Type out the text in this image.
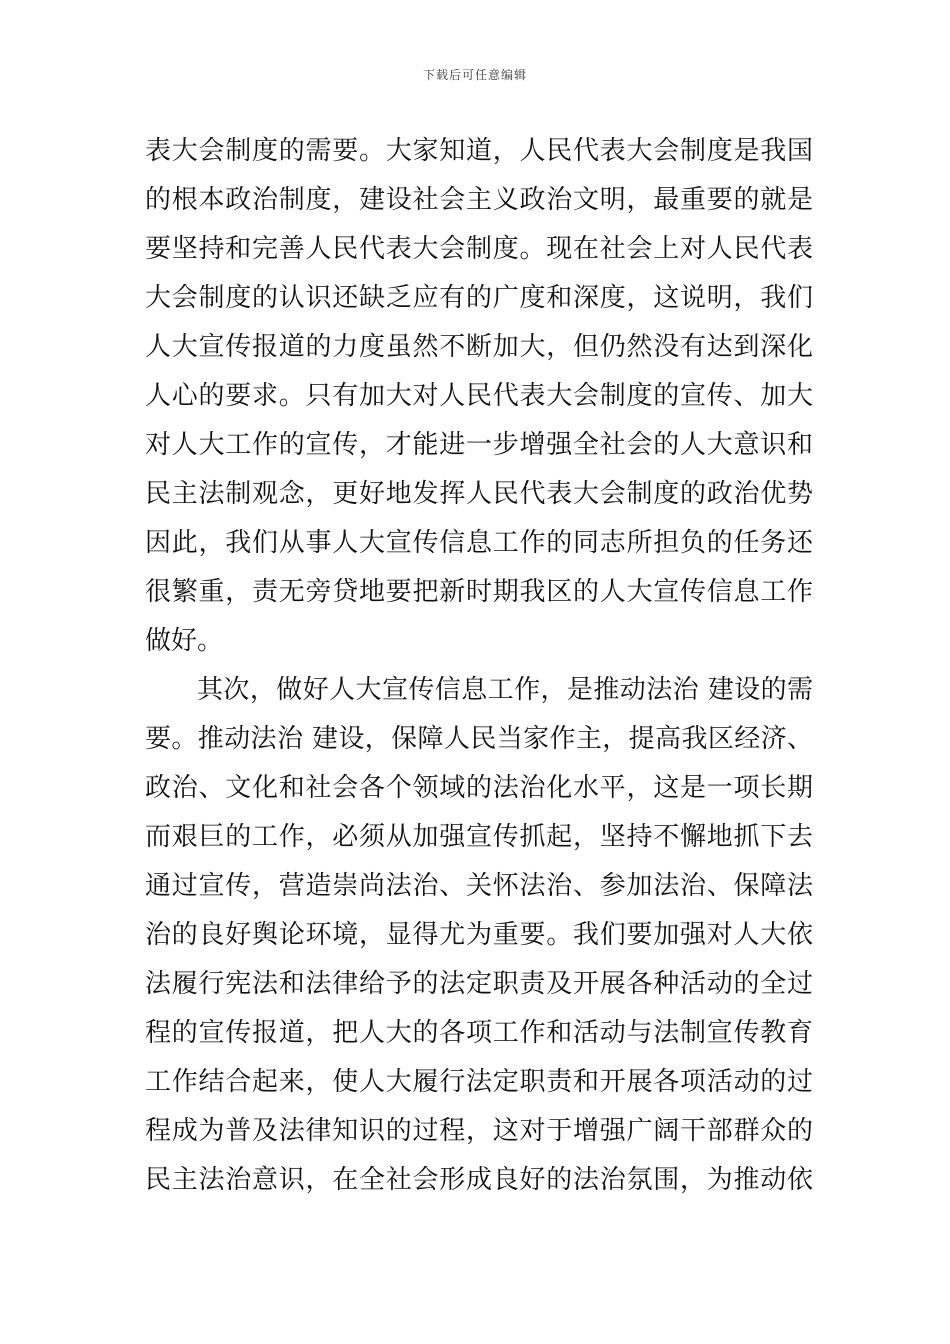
下载后可任意编辑
表大会制度的需要。大家知道，人民代表大会制度是我国
的根本政治制度，建设社会主义政治文明，最重要的就是
要坚持和完善人民代表大会制度。现在社会上对人民代表
大会制度的认识还缺乏应有的广度和深度，这说明，我们
人大宣传报道的力度虽然不断加大，但仍然没有达到深化
人心的要求。只有加大对人民代表大会制度的宣传、加大
对人大工作的宣传，才能进一步增强全社会的人大意识和
民主法制观念，更好地发挥人民代表大会制度的政治优势
因此，我们从事人大宣传信息工作的同志所担负的任务还
很繁重，责无旁贷地要把新时期我区的人大宣传信息工作
做好。
其次，做好人大宣传信息工作，是推动法治 建设的需
要。推动法治 建设，保障人民当家作主，提高我区经济、
政治、文化和社会各个领域的法治化水平，这是一项长期
而艰巨的工作，必须从加强宣传抓起，坚持不懈地抓下去
通过宣传，营造崇尚法治、关怀法治、参加法治、保障法
治的良好舆论环境，显得尤为重要。我们要加强对人大依
法履行宪法和法律给予的法定职责及开展各种活动的全过
程的宣传报道，把人大的各项工作和活动与法制宣传教育
工作结合起来，使人大履行法定职责和开展各项活动的过
程成为普及法律知识的过程，这对于增强广阔干部群众的
民主法治意识，在全社会形成良好的法治氛围，为推动依
